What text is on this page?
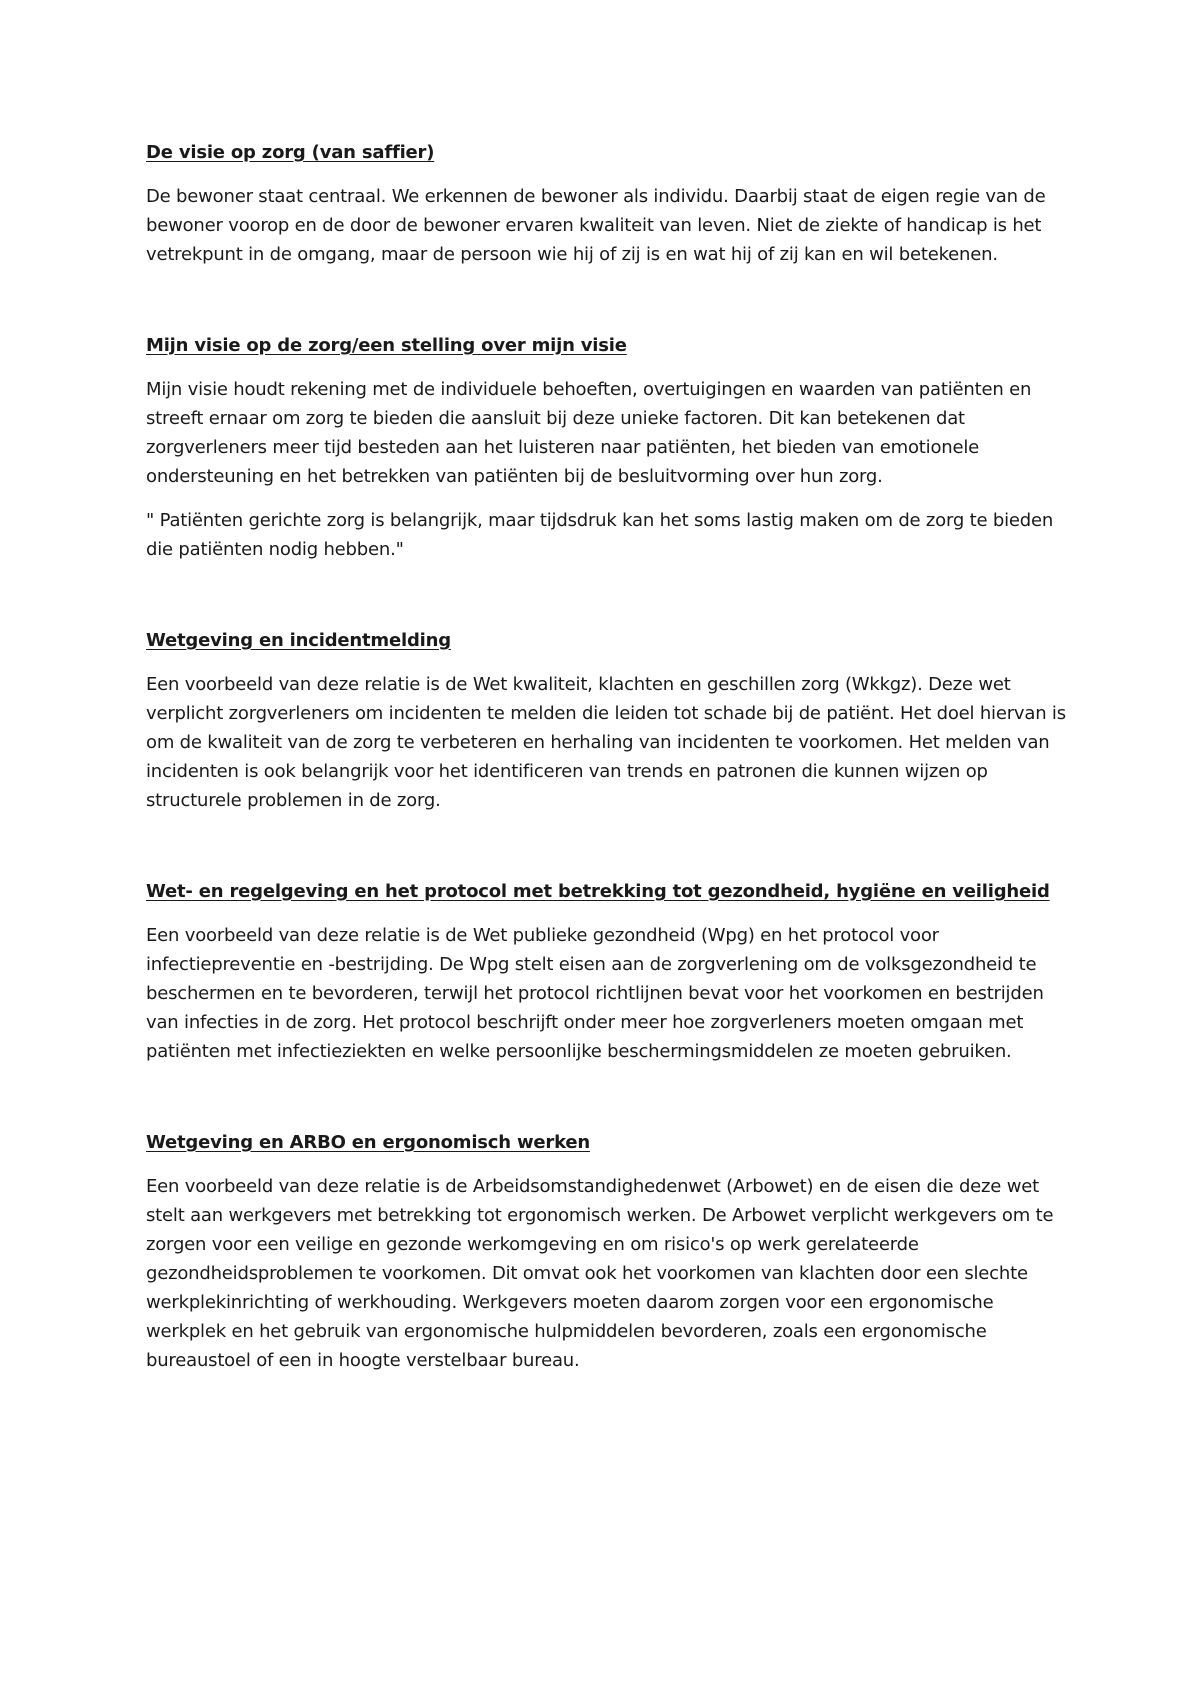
De visie op zorg (van saffier)

De bewoner staat centraal. We erkennen de bewoner als individu. Daarbij staat de eigen regie van de bewoner voorop en de door de bewoner ervaren kwaliteit van leven. Niet de ziekte of handicap is het vetrekpunt in de omgang, maar de persoon wie hij of zij is en wat hij of zij kan en wil betekenen.

Mijn visie op de zorg/een stelling over mijn visie

Mijn visie houdt rekening met de individuele behoeften, overtuigingen en waarden van patiënten en streeft ernaar om zorg te bieden die aansluit bij deze unieke factoren. Dit kan betekenen dat zorgverleners meer tijd besteden aan het luisteren naar patiënten, het bieden van emotionele ondersteuning en het betrekken van patiënten bij de besluitvorming over hun zorg.

" Patiënten gerichte zorg is belangrijk, maar tijdsdruk kan het soms lastig maken om de zorg te bieden die patiënten nodig hebben."

Wetgeving en incidentmelding

Een voorbeeld van deze relatie is de Wet kwaliteit, klachten en geschillen zorg (Wkkgz). Deze wet verplicht zorgverleners om incidenten te melden die leiden tot schade bij de patiënt. Het doel hiervan is om de kwaliteit van de zorg te verbeteren en herhaling van incidenten te voorkomen. Het melden van incidenten is ook belangrijk voor het identificeren van trends en patronen die kunnen wijzen op structurele problemen in de zorg.

Wet- en regelgeving en het protocol met betrekking tot gezondheid, hygiëne en veiligheid

Een voorbeeld van deze relatie is de Wet publieke gezondheid (Wpg) en het protocol voor infectiepreventie en -bestrijding. De Wpg stelt eisen aan de zorgverlening om de volksgezondheid te beschermen en te bevorderen, terwijl het protocol richtlijnen bevat voor het voorkomen en bestrijden van infecties in de zorg. Het protocol beschrijft onder meer hoe zorgverleners moeten omgaan met patiënten met infectieziekten en welke persoonlijke beschermingsmiddelen ze moeten gebruiken.

Wetgeving en ARBO en ergonomisch werken

Een voorbeeld van deze relatie is de Arbeidsomstandighedenwet (Arbowet) en de eisen die deze wet stelt aan werkgevers met betrekking tot ergonomisch werken. De Arbowet verplicht werkgevers om te zorgen voor een veilige en gezonde werkomgeving en om risico's op werk gerelateerde gezondheidsproblemen te voorkomen. Dit omvat ook het voorkomen van klachten door een slechte werkplekinrichting of werkhouding. Werkgevers moeten daarom zorgen voor een ergonomische werkplek en het gebruik van ergonomische hulpmiddelen bevorderen, zoals een ergonomische bureaustoel of een in hoogte verstelbaar bureau.
